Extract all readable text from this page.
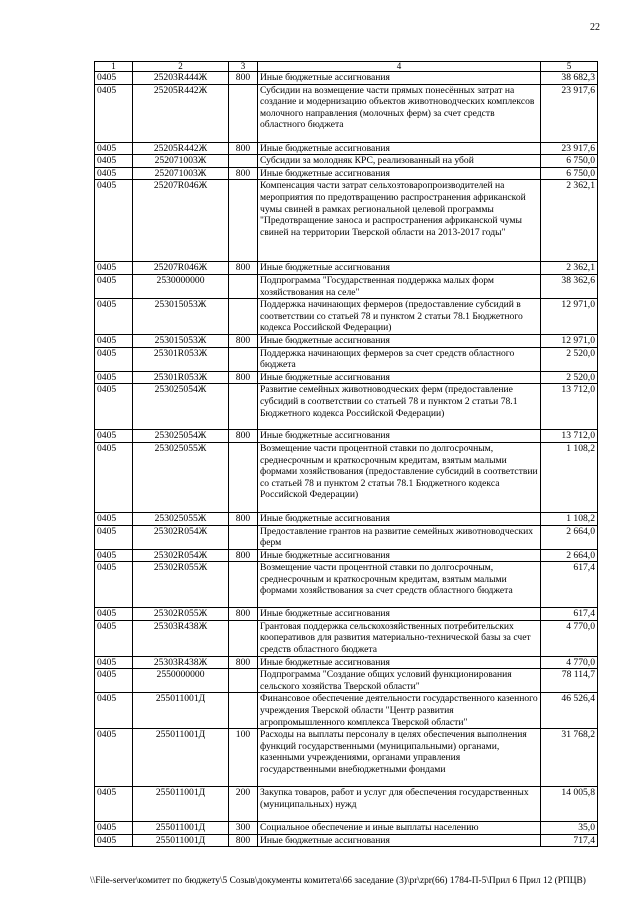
22
1	2	3	4	5
0405	25203R444Ж	800	Иные бюджетные ассигнования	38 682,3
0405	25205R442Ж		Субсидии на возмещение части прямых понесённых затрат на создание и модернизацию объектов животноводческих комплексов молочного направления (молочных ферм) за счет средств областного бюджета	23 917,6
0405	25205R442Ж	800	Иные бюджетные ассигнования	23 917,6
0405	252071003Ж		Субсидии за молодняк КРС, реализованный на убой	6 750,0
0405	252071003Ж	800	Иные бюджетные ассигнования	6 750,0
0405	25207R046Ж		Компенсация части затрат сельхозтоваропроизводителей на мероприятия по предотвращению распространения африканской чумы свиней в рамках региональной целевой программы "Предотвращение заноса и распространения африканской чумы свиней на территории Тверской области на 2013-2017 годы"	2 362,1
0405	25207R046Ж	800	Иные бюджетные ассигнования	2 362,1
0405	2530000000		Подпрограмма "Государственная поддержка малых форм хозяйствования на селе"	38 362,6
0405	253015053Ж		Поддержка начинающих фермеров (предоставление субсидий в соответствии со статьей 78 и пунктом 2 статьи 78.1 Бюджетного кодекса Российской Федерации)	12 971,0
0405	253015053Ж	800	Иные бюджетные ассигнования	12 971,0
0405	25301R053Ж		Поддержка начинающих фермеров за счет средств областного бюджета	2 520,0
0405	25301R053Ж	800	Иные бюджетные ассигнования	2 520,0
0405	253025054Ж		Развитие семейных животноводческих ферм (предоставление субсидий в соответствии со статьей 78 и пунктом 2 статьи 78.1 Бюджетного кодекса Российской Федерации)	13 712,0
0405	253025054Ж	800	Иные бюджетные ассигнования	13 712,0
0405	253025055Ж		Возмещение части процентной ставки по долгосрочным, среднесрочным и краткосрочным кредитам, взятым малыми формами хозяйствования (предоставление субсидий в соответствии со статьей 78 и пунктом 2 статьи 78.1 Бюджетного кодекса Российской Федерации)	1 108,2
0405	253025055Ж	800	Иные бюджетные ассигнования	1 108,2
0405	25302R054Ж		Предоставление грантов на развитие семейных животноводческих ферм	2 664,0
0405	25302R054Ж	800	Иные бюджетные ассигнования	2 664,0
0405	25302R055Ж		Возмещение части процентной ставки по долгосрочным, среднесрочным и краткосрочным кредитам, взятым малыми формами хозяйствования за счет средств областного бюджета	617,4
0405	25302R055Ж	800	Иные бюджетные ассигнования	617,4
0405	25303R438Ж		Грантовая поддержка сельскохозяйственных потребительских кооперативов для развития материально-технической базы за счет средств областного бюджета	4 770,0
0405	25303R438Ж	800	Иные бюджетные ассигнования	4 770,0
0405	2550000000		Подпрограмма "Создание общих условий функционирования сельского хозяйства Тверской области"	78 114,7
0405	255011001Д		Финансовое обеспечение деятельности государственного казенного учреждения Тверской области "Центр развития агропромышленного комплекса Тверской области"	46 526,4
0405	255011001Д	100	Расходы на выплаты персоналу в целях обеспечения выполнения функций государственными (муниципальными) органами, казенными учреждениями, органами управления государственными внебюджетными фондами	31 768,2
0405	255011001Д	200	Закупка товаров, работ и услуг для обеспечения государственных (муниципальных) нужд	14 005,8
0405	255011001Д	300	Социальное обеспечение и иные выплаты населению	35,0
0405	255011001Д	800	Иные бюджетные ассигнования	717,4
\\File-server\комитет по бюджету\5 Созыв\документы комитета\66 заседание (3)\pr\zpr(66) 1784-П-5\Прил 6 Прил 12 (РПЦВ)
